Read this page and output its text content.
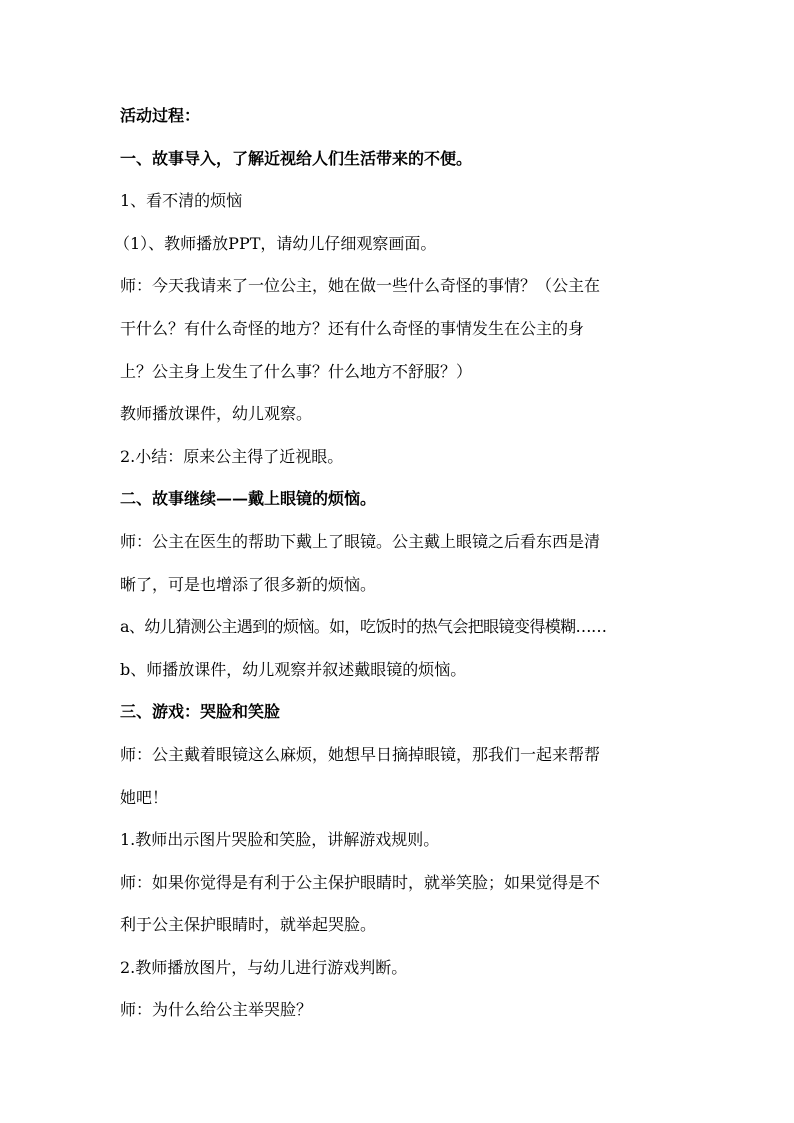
活动过程：
一、故事导入，了解近视给人们生活带来的不便。
1、看不清的烦恼
（1）、教师播放PPT，请幼儿仔细观察画面。
师：今天我请来了一位公主，她在做一些什么奇怪的事情？（公主在
干什么？有什么奇怪的地方？还有什么奇怪的事情发生在公主的身
上？公主身上发生了什么事？什么地方不舒服？）
教师播放课件，幼儿观察。
2.小结：原来公主得了近视眼。
二、故事继续——戴上眼镜的烦恼。
师：公主在医生的帮助下戴上了眼镜。公主戴上眼镜之后看东西是清
晰了，可是也增添了很多新的烦恼。
a、幼儿猜测公主遇到的烦恼。如，吃饭时的热气会把眼镜变得模糊……
b、师播放课件，幼儿观察并叙述戴眼镜的烦恼。
三、游戏：哭脸和笑脸
师：公主戴着眼镜这么麻烦，她想早日摘掉眼镜，那我们一起来帮帮
她吧！
1.教师出示图片哭脸和笑脸，讲解游戏规则。
师：如果你觉得是有利于公主保护眼睛时，就举笑脸；如果觉得是不
利于公主保护眼睛时，就举起哭脸。
2.教师播放图片，与幼儿进行游戏判断。
师：为什么给公主举哭脸？
